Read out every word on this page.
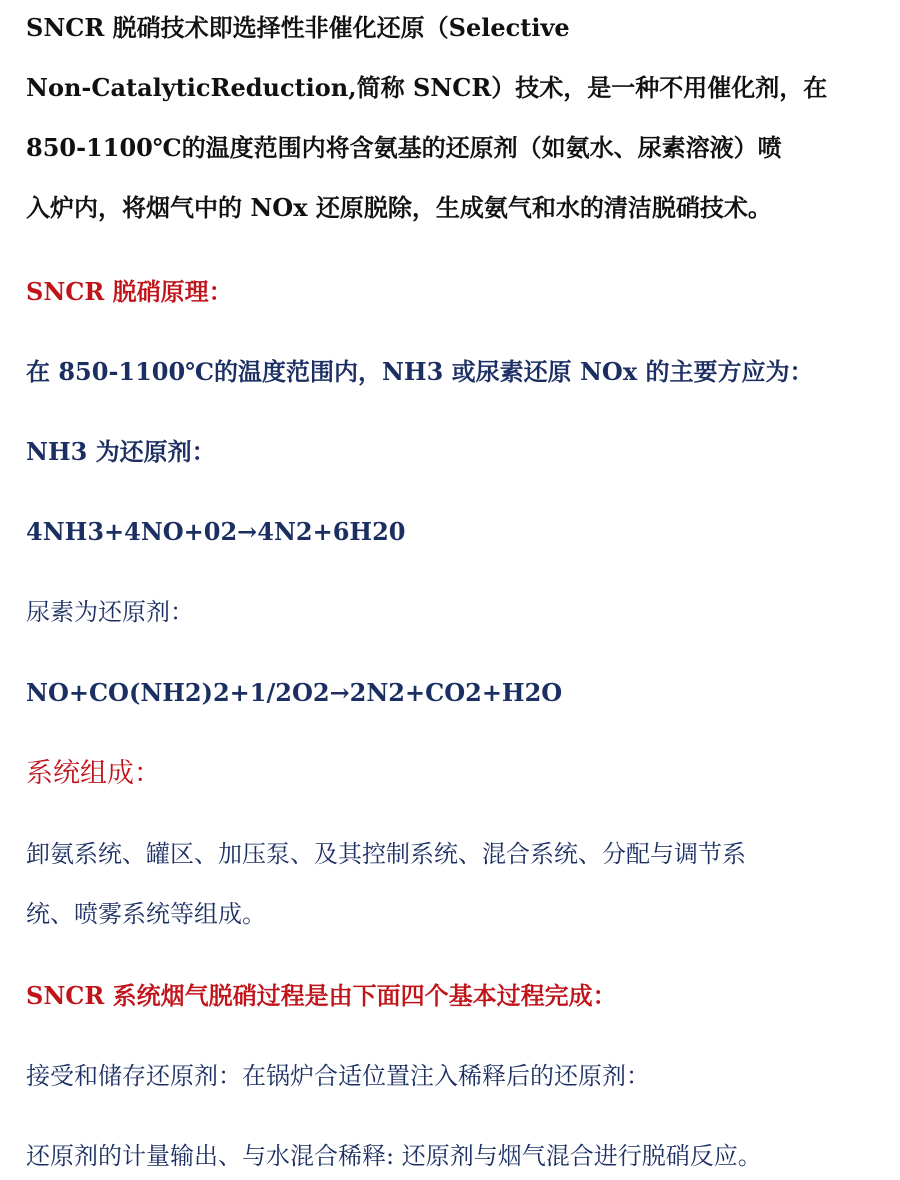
SNCR 脱硝技术即选择性非催化还原（Selective
Non-CatalyticReduction,简称 SNCR）技术，是一种不用催化剂，在
850-1100℃的温度范围内将含氨基的还原剂（如氨水、尿素溶液）喷
入炉内，将烟气中的 NOx 还原脱除，生成氨气和水的清洁脱硝技术。
SNCR 脱硝原理：
在 850-1100℃的温度范围内，NH3 或尿素还原 NOx 的主要方应为：
NH3 为还原剂：
4NH3+4NO+02→4N2+6H20
尿素为还原剂：
NO+CO(NH2)2+1/2O2→2N2+CO2+H2O
系统组成：
卸氨系统、罐区、加压泵、及其控制系统、混合系统、分配与调节系
统、喷雾系统等组成。
SNCR 系统烟气脱硝过程是由下面四个基本过程完成：
接受和储存还原剂：在锅炉合适位置注入稀释后的还原剂：
还原剂的计量输出、与水混合稀释: 还原剂与烟气混合进行脱硝反应。
